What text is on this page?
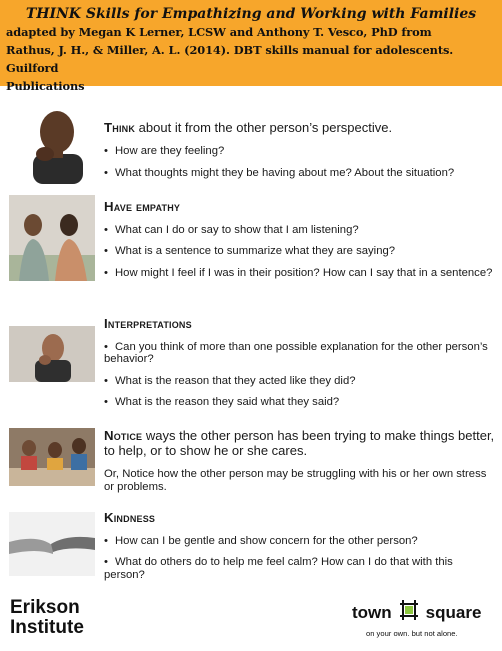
THINK Skills for Empathizing and Working with Families
adapted by Megan K Lerner, LCSW and Anthony T. Vesco, PhD from
Rathus, J. H., & Miller, A. L. (2014). DBT skills manual for adolescents. Guilford
Publications
Think about it from the other person’s perspective.
• How are they feeling?
• What thoughts might they be having about me? About the situation?
Have empathy
• What can I do or say to show that I am listening?
• What is a sentence to summarize what they are saying?
• How might I feel if I was in their position? How can I say that in a sentence?
Interpretations
• Can you think of more than one possible explanation for the other person’s behavior?
• What is the reason that they acted like they did?
• What is the reason they said what they said?
Notice ways the other person has been trying to make things better, to help, or to show he or she cares.
Or, Notice how the other person may be struggling with his or her own stress or problems.
Kindness
• How can I be gentle and show concern for the other person?
• What do others do to help me feel calm? How can I do that with this person?
Erikson
Institute
town square
on your own. but not alone.
